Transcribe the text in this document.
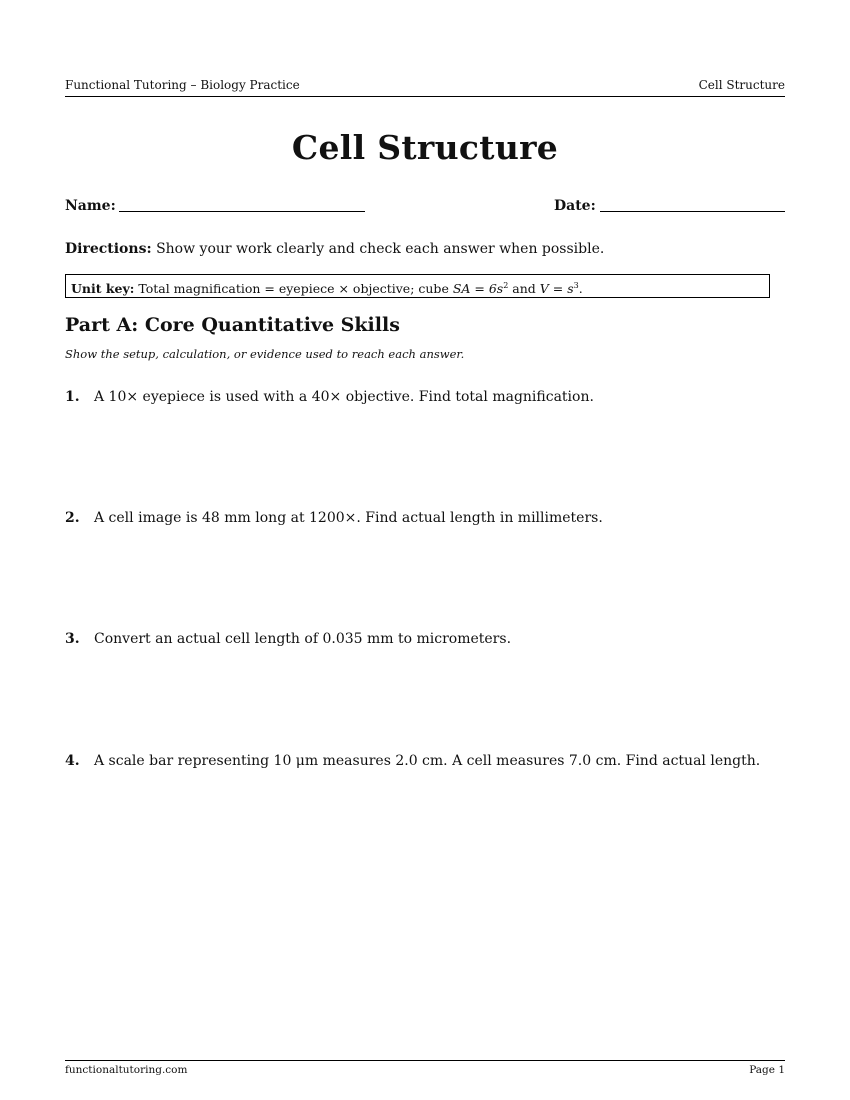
Functional Tutoring – Biology Practice	Cell Structure
Cell Structure
Name:	Date:
Directions: Show your work clearly and check each answer when possible.
Unit key: Total magnification = eyepiece × objective; cube SA = $6s^2$ and $V = s^3$.
Part A: Core Quantitative Skills
Show the setup, calculation, or evidence used to reach each answer.
1. A 10× eyepiece is used with a 40× objective. Find total magnification.
2. A cell image is 48 mm long at 1200×. Find actual length in millimeters.
3. Convert an actual cell length of 0.035 mm to micrometers.
4. A scale bar representing 10 μm measures 2.0 cm. A cell measures 7.0 cm. Find actual length.
functionaltutoring.com	Page 1
